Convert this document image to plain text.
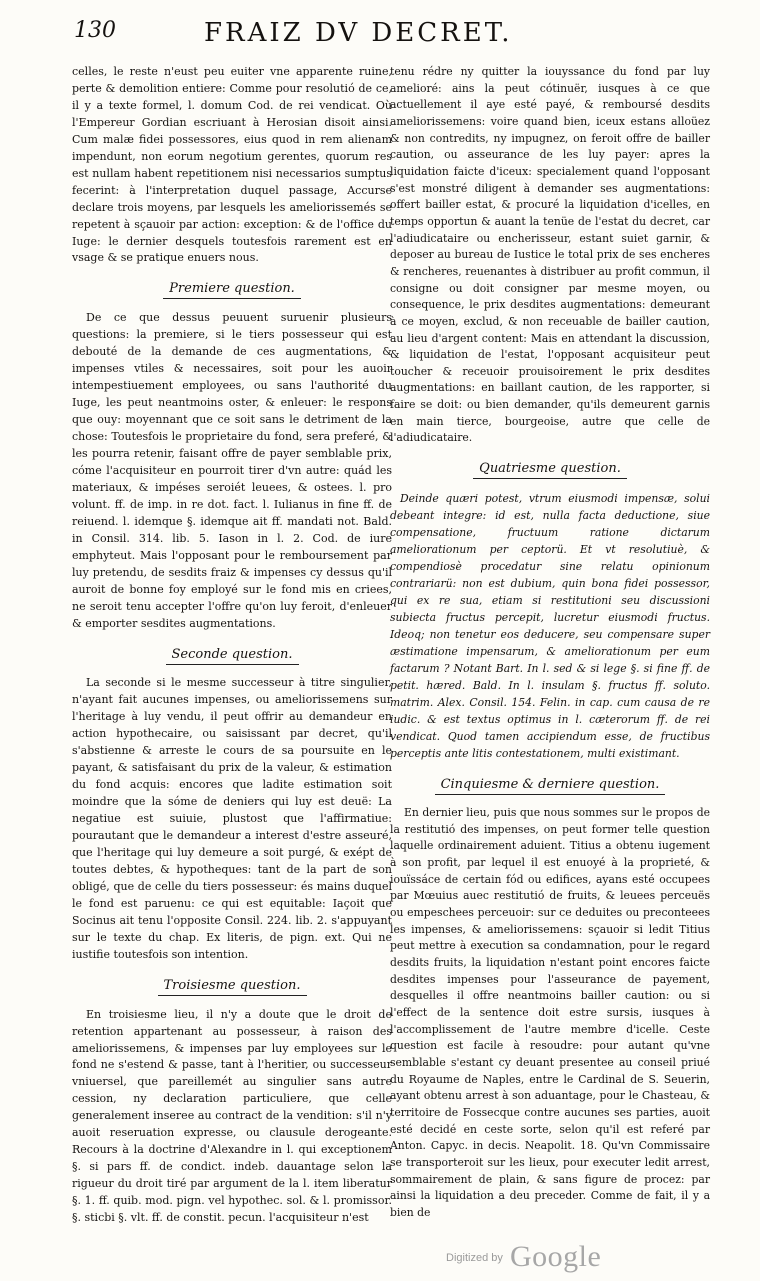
130	FRAIZ DV DECRET.

celles, le reste n'eust peu euiter vne apparente ruine, perte & demolition entiere: Comme pour resolutió de ce, il y a texte formel, l. domum Cod. de rei vendicat. Où l'Empereur Gordian escriuant à Herosian disoit ainsi. Cum malæ fidei possessores, eius quod in rem alienam impendunt, non eorum negotium gerentes, quorum res est nullam habent repetitionem nisi necessarios sumptus fecerint: à l'interpretation duquel passage, Accurse declare trois moyens, par lesquels les ameliorissemés se repetent à sçauoir par action: exception: & de l'office du Iuge: le dernier desquels toutesfois rarement est en vsage & se pratique enuers nous.

Premiere question.

De ce que dessus peuuent suruenir plusieurs questions: la premiere, si le tiers possesseur qui est debouté de la demande de ces augmentations, & impenses vtiles & necessaires, soit pour les auoir intempestiuement employees, ou sans l'authorité du Iuge, les peut neantmoins oster, & enleuer: le respons que ouy: moyennant que ce soit sans le detriment de la chose: Toutesfois le proprietaire du fond, sera preferé, & les pourra retenir, faisant offre de payer semblable prix, cóme l'acquisiteur en pourroit tirer d'vn autre: quád les materiaux, & impéses seroiét leuees, & ostees. l. pro volunt. ff. de imp. in re dot. fact. l. Iulianus in fine ff. de reiuend. l. idemque §. idemque ait ff. mandati not. Bald. in Consil. 314. lib. 5. Iason in l. 2. Cod. de iure emphyteut. Mais l'opposant pour le remboursement par luy pretendu, de sesdits fraiz & impenses cy dessus qu'il auroit de bonne foy employé sur le fond mis en criees, ne seroit tenu accepter l'offre qu'on luy feroit, d'enleuer & emporter sesdites augmentations.

Seconde question.

La seconde si le mesme successeur à titre singulier, n'ayant fait aucunes impenses, ou ameliorissemens sur l'heritage à luy vendu, il peut offrir au demandeur en action hypothecaire, ou saisissant par decret, qu'il s'abstienne & arreste le cours de sa poursuite en le payant, & satisfaisant du prix de la valeur, & estimation du fond acquis: encores que ladite estimation soit moindre que la sóme de deniers qui luy est deuë: La negatiue est suiuie, plustost que l'affirmatiue: pourautant que le demandeur a interest d'estre asseuré, que l'heritage qui luy demeure a soit purgé, & exépt de toutes debtes, & hypotheques: tant de la part de son obligé, que de celle du tiers possesseur: és mains duquel le fond est paruenu: ce qui est equitable: Iaçoit que Socinus ait tenu l'opposite Consil. 224. lib. 2. s'appuyant sur le texte du chap. Ex literis, de pign. ext. Qui ne iustifie toutesfois son intention.

Troisiesme question.

En troisiesme lieu, il n'y a doute que le droit de retention appartenant au possesseur, à raison des ameliorissemens, & impenses par luy employees sur le fond ne s'estend & passe, tant à l'heritier, ou successeur vniuersel, que pareillemét au singulier sans autre cession, ny declaration particuliere, que celle generalement inseree au contract de la vendition: s'il n'y auoit reseruation expresse, ou clausule derogeante. Recours à la doctrine d'Alexandre in l. qui exceptionem §. si pars ff. de condict. indeb. dauantage selon la rigueur du droit tiré par argument de la l. item liberatur §. 1. ff. quib. mod. pign. vel hypothec. sol. & l. promissor. §. sticbi §. vlt. ff. de constit. pecun. l'acquisiteur n'est

tenu rédre ny quitter la iouyssance du fond par luy amelioré: ains la peut cótinuër, iusques à ce que actuellement il aye esté payé, & remboursé desdits ameliorissemens: voire quand bien, iceux estans alloüez & non contredits, ny impugnez, on feroit offre de bailler caution, ou asseurance de les luy payer: apres la liquidation faicte d'iceux: specialement quand l'opposant s'est monstré diligent à demander ses augmentations: offert bailler estat, & procuré la liquidation d'icelles, en temps opportun & auant la tenüe de l'estat du decret, car l'adiudicataire ou encherisseur, estant suiet garnir, & deposer au bureau de Iustice le total prix de ses encheres & rencheres, reuenantes à distribuer au profit commun, il consigne ou doit consigner par mesme moyen, ou consequence, le prix desdites augmentations: demeurant à ce moyen, exclud, & non receuable de bailler caution, au lieu d'argent content: Mais en attendant la discussion, & liquidation de l'estat, l'opposant acquisiteur peut toucher & receuoir prouisoirement le prix desdites augmentations: en baillant caution, de les rapporter, si faire se doit: ou bien demander, qu'ils demeurent garnis en main tierce, bourgeoise, autre que celle de l'adiudicataire.

Quatriesme question.

Deinde quæri potest, vtrum eiusmodi impensæ, solui debeant integre: id est, nulla facta deductione, siue compensatione, fructuum ratione dictarum ameliorationum per ceptorü. Et vt resolutiuè, & compendiosè procedatur sine relatu opinionum contrariarü: non est dubium, quin bona fidei possessor, qui ex re sua, etiam si restitutioni seu discussioni subiecta fructus percepit, lucretur eiusmodi fructus. Ideoq; non tenetur eos deducere, seu compensare super æstimatione impensarum, & ameliorationum per eum factarum ? Notant Bart. In l. sed & si lege §. si fine ff. de petit. hæred. Bald. In l. insulam §. fructus ff. soluto. matrim. Alex. Consil. 154. Felin. in cap. cum causa de re iudic. & est textus optimus in l. cæterorum ff. de rei vendicat. Quod tamen accipiendum esse, de fructibus perceptis ante litis contestationem, multi existimant.

Cinquiesme & derniere question.

En dernier lieu, puis que nous sommes sur le propos de la restitutió des impenses, on peut former telle question laquelle ordinairement aduient. Titius a obtenu iugement à son profit, par lequel il est enuoyé à la proprieté, & iouïssáce de certain fód ou edifices, ayans esté occupees par Mœuius auec restitutió de fruits, & leuees perceuës ou empeschees perceuoir: sur ce deduites ou preconteees les impenses, & ameliorissemens: sçauoir si ledit Titius peut mettre à execution sa condamnation, pour le regard desdits fruits, la liquidation n'estant point encores faicte desdites impenses pour l'asseurance de payement, desquelles il offre neantmoins bailler caution: ou si l'effect de la sentence doit estre sursis, iusques à l'accomplissement de l'autre membre d'icelle. Ceste question est facile à resoudre: pour autant qu'vne semblable s'estant cy deuant presentee au conseil priué du Royaume de Naples, entre le Cardinal de S. Seuerin, ayant obtenu arrest à son aduantage, pour le Chasteau, & territoire de Fossecque contre aucunes ses parties, auoit esté decidé en ceste sorte, selon qu'il est referé par Anton. Capyc. in decis. Neapolit. 18. Qu'vn Commissaire se transporteroit sur les lieux, pour executer ledit arrest, sommairement de plain, & sans figure de procez: par ainsi la liquidation a deu preceder. Comme de fait, il y a bien de

Digitized by Google
